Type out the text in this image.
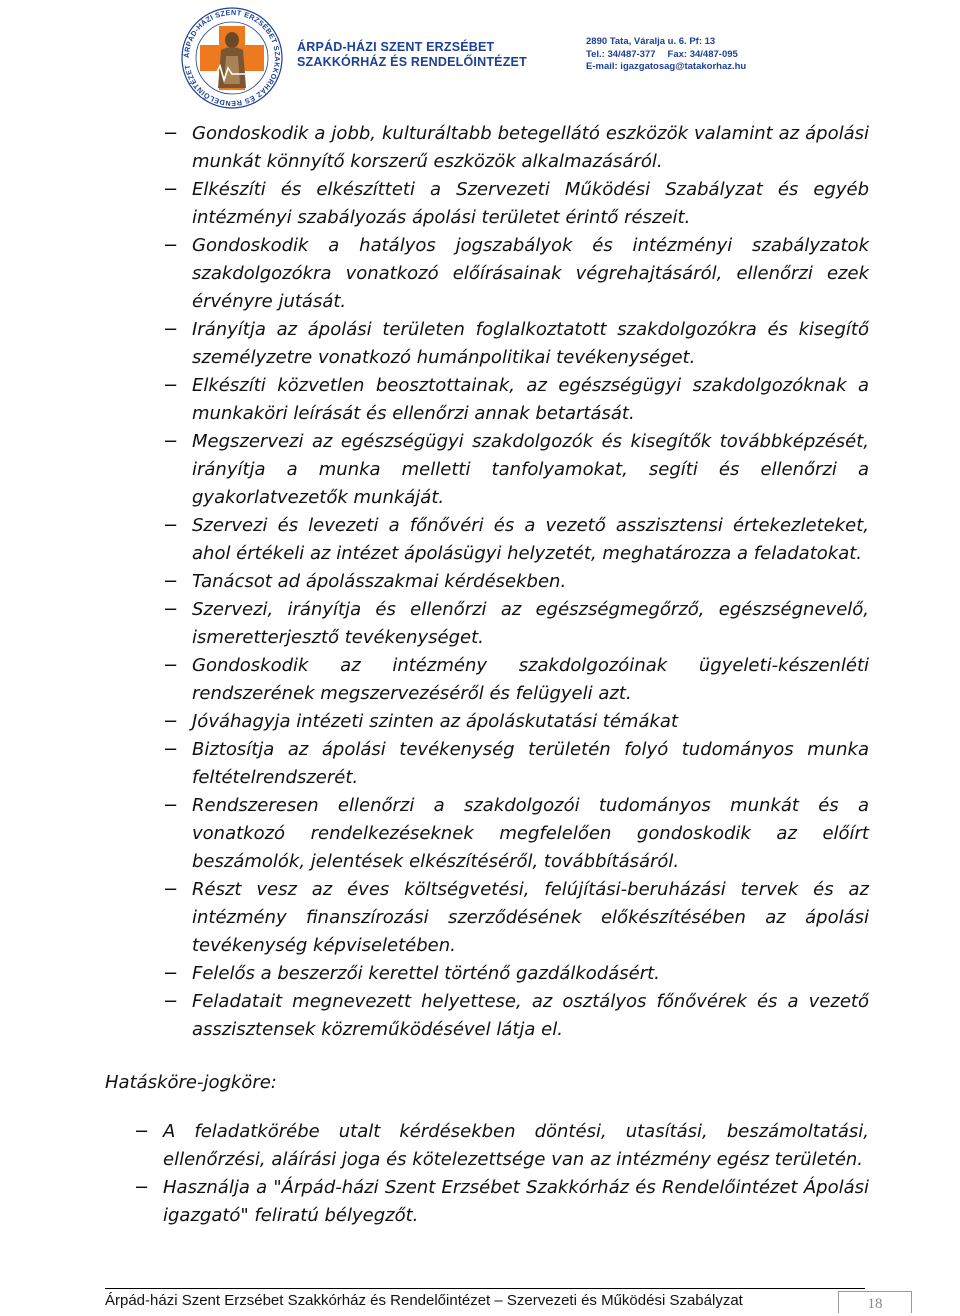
ÁRPÁD-HÁZI SZENT ERZSÉBET SZAKKÓRHÁZ ÉS RENDELŐINTÉZET
ÁRPÁD-HÁZI SZENT ERZSÉBET
SZAKKÓRHÁZ ÉS RENDELŐINTÉZET
2890 Tata, Váralja u. 6. Pf: 13
Tel.: 34/487-377 Fax: 34/487-095
E-mail: igazgatosag@tatakorhaz.hu
− Gondoskodik a jobb, kulturáltabb betegellátó eszközök valamint az ápolási munkát könnyítő korszerű eszközök alkalmazásáról.
− Elkészíti és elkészítteti a Szervezeti Működési Szabályzat és egyéb intézményi szabályozás ápolási területet érintő részeit.
− Gondoskodik a hatályos jogszabályok és intézményi szabályzatok szakdolgozókra vonatkozó előírásainak végrehajtásáról, ellenőrzi ezek érvényre jutását.
− Irányítja az ápolási területen foglalkoztatott szakdolgozókra és kisegítő személyzetre vonatkozó humánpolitikai tevékenységet.
− Elkészíti közvetlen beosztottainak, az egészségügyi szakdolgozóknak a munkaköri leírását és ellenőrzi annak betartását.
− Megszervezi az egészségügyi szakdolgozók és kisegítők továbbképzését, irányítja a munka melletti tanfolyamokat, segíti és ellenőrzi a gyakorlatvezetők munkáját.
− Szervezi és levezeti a főnővéri és a vezető asszisztensi értekezleteket, ahol értékeli az intézet ápolásügyi helyzetét, meghatározza a feladatokat.
− Tanácsot ad ápolásszakmai kérdésekben.
− Szervezi, irányítja és ellenőrzi az egészségmegőrző, egészségnevelő, ismeretterjesztő tevékenységet.
− Gondoskodik az intézmény szakdolgozóinak ügyeleti-készenléti rendszerének megszervezéséről és felügyeli azt.
− Jóváhagyja intézeti szinten az ápoláskutatási témákat
− Biztosítja az ápolási tevékenység területén folyó tudományos munka feltételrendszerét.
− Rendszeresen ellenőrzi a szakdolgozói tudományos munkát és a vonatkozó rendelkezéseknek megfelelően gondoskodik az előírt beszámolók, jelentések elkészítéséről, továbbításáról.
− Részt vesz az éves költségvetési, felújítási-beruházási tervek és az intézmény finanszírozási szerződésének előkészítésében az ápolási tevékenység képviseletében.
− Felelős a beszerzői kerettel történő gazdálkodásért.
− Feladatait megnevezett helyettese, az osztályos főnővérek és a vezető asszisztensek közreműködésével látja el.
Hatásköre-jogköre:
− A feladatkörébe utalt kérdésekben döntési, utasítási, beszámoltatási, ellenőrzési, aláírási joga és kötelezettsége van az intézmény egész területén.
− Használja a "Árpád-házi Szent Erzsébet Szakkórház és Rendelőintézet Ápolási igazgató" feliratú bélyegzőt.
Árpád-házi Szent Erzsébet Szakkórház és Rendelőintézet – Szervezeti és Működési Szabályzat	18
